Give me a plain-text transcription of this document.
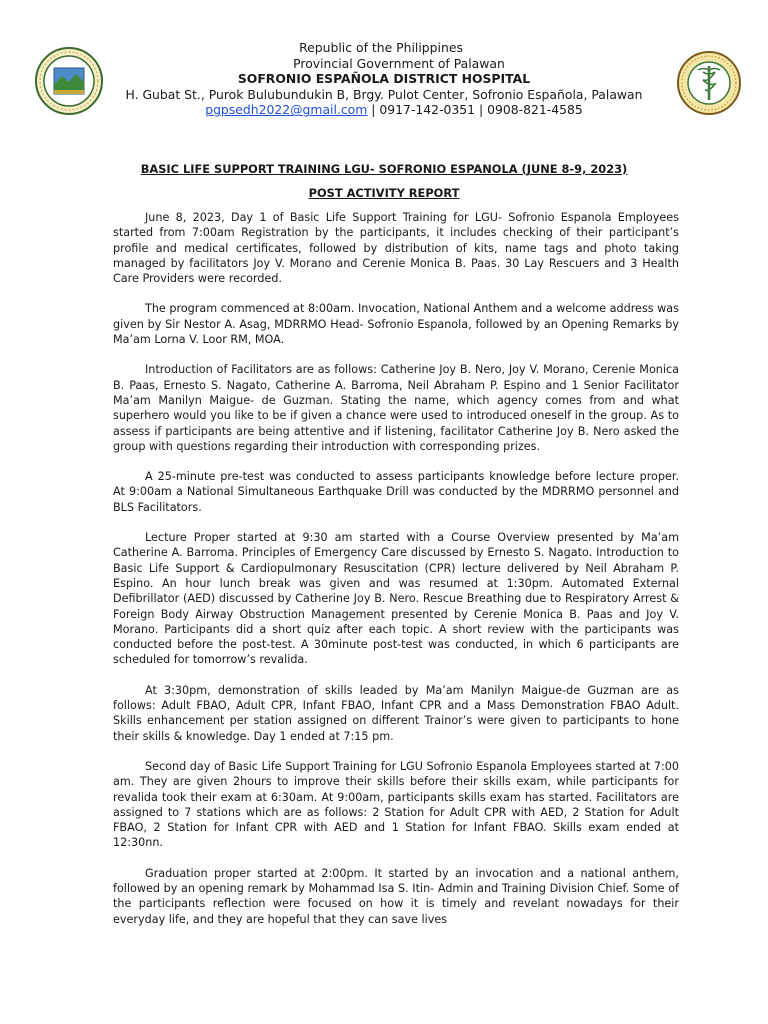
Republic of the Philippines
Provincial Government of Palawan
SOFRONIO ESPAÑOLA DISTRICT HOSPITAL
H. Gubat St., Purok Bulubundukin B, Brgy. Pulot Center, Sofronio Española, Palawan
pgpsedh2022@gmail.com | 0917-142-0351 | 0908-821-4585
BASIC LIFE SUPPORT TRAINING LGU- SOFRONIO ESPANOLA (JUNE 8-9, 2023)
POST ACTIVITY REPORT

June 8, 2023, Day 1 of Basic Life Support Training for LGU- Sofronio Espanola Employees started from 7:00am Registration by the participants, it includes checking of their participant’s profile and medical certificates, followed by distribution of kits, name tags and photo taking managed by facilitators Joy V. Morano and Cerenie Monica B. Paas. 30 Lay Rescuers and 3 Health Care Providers were recorded.

The program commenced at 8:00am. Invocation, National Anthem and a welcome address was given by Sir Nestor A. Asag, MDRRMO Head- Sofronio Espanola, followed by an Opening Remarks by Ma’am Lorna V. Loor RM, MOA.

Introduction of Facilitators are as follows: Catherine Joy B. Nero, Joy V. Morano, Cerenie Monica B. Paas, Ernesto S. Nagato, Catherine A. Barroma, Neil Abraham P. Espino and 1 Senior Facilitator Ma’am Manilyn Maigue- de Guzman. Stating the name, which agency comes from and what superhero would you like to be if given a chance were used to introduced oneself in the group. As to assess if participants are being attentive and if listening, facilitator Catherine Joy B. Nero asked the group with questions regarding their introduction with corresponding prizes.

A 25-minute pre-test was conducted to assess participants knowledge before lecture proper. At 9:00am a National Simultaneous Earthquake Drill was conducted by the MDRRMO personnel and BLS Facilitators.

Lecture Proper started at 9:30 am started with a Course Overview presented by Ma’am Catherine A. Barroma. Principles of Emergency Care discussed by Ernesto S. Nagato. Introduction to Basic Life Support & Cardiopulmonary Resuscitation (CPR) lecture delivered by Neil Abraham P. Espino. An hour lunch break was given and was resumed at 1:30pm. Automated External Defibrillator (AED) discussed by Catherine Joy B. Nero. Rescue Breathing due to Respiratory Arrest & Foreign Body Airway Obstruction Management presented by Cerenie Monica B. Paas and Joy V. Morano. Participants did a short quiz after each topic. A short review with the participants was conducted before the post-test. A 30minute post-test was conducted, in which 6 participants are scheduled for tomorrow’s revalida.

At 3:30pm, demonstration of skills leaded by Ma’am Manilyn Maigue-de Guzman are as follows: Adult FBAO, Adult CPR, Infant FBAO, Infant CPR and a Mass Demonstration FBAO Adult. Skills enhancement per station assigned on different Trainor’s were given to participants to hone their skills & knowledge. Day 1 ended at 7:15 pm.

Second day of Basic Life Support Training for LGU Sofronio Espanola Employees started at 7:00 am. They are given 2hours to improve their skills before their skills exam, while participants for revalida took their exam at 6:30am. At 9:00am, participants skills exam has started. Facilitators are assigned to 7 stations which are as follows: 2 Station for Adult CPR with AED, 2 Station for Adult FBAO, 2 Station for Infant CPR with AED and 1 Station for Infant FBAO. Skills exam ended at 12:30nn.

Graduation proper started at 2:00pm. It started by an invocation and a national anthem, followed by an opening remark by Mohammad Isa S. Itin- Admin and Training Division Chief. Some of the participants reflection were focused on how it is timely and revelant nowadays for their everyday life, and they are hopeful that they can save lives
